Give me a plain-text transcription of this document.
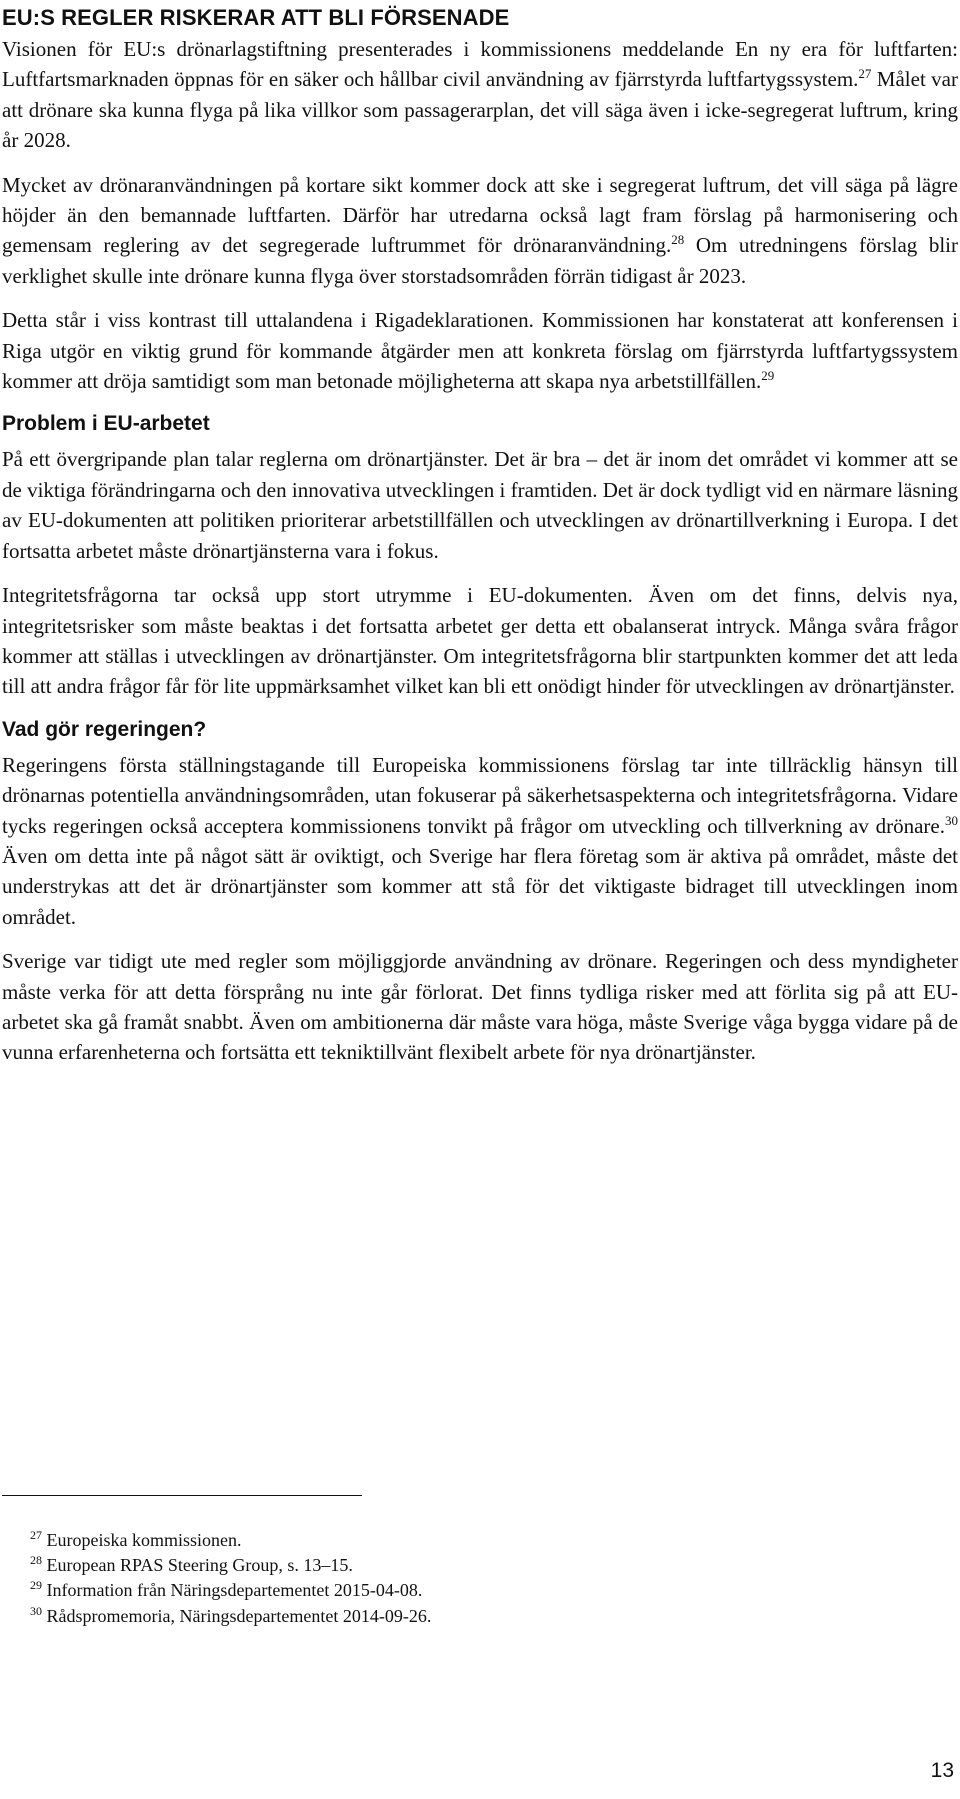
EU:S REGLER RISKERAR ATT BLI FÖRSENADE

Visionen för EU:s drönarlagstiftning presenterades i kommissionens meddelande En ny era för luftfarten: Luftfartsmarknaden öppnas för en säker och hållbar civil användning av fjärrstyrda luftfartygssystem.$^{27}$ Målet var att drönare ska kunna flyga på lika villkor som passagerarplan, det vill säga även i icke-segregerat luftrum, kring år 2028.

Mycket av drönaranvändningen på kortare sikt kommer dock att ske i segregerat luftrum, det vill säga på lägre höjder än den bemannade luftfarten. Därför har utredarna också lagt fram förslag på harmonisering och gemensam reglering av det segregerade luftrummet för drönaranvändning.$^{28}$ Om utredningens förslag blir verklighet skulle inte drönare kunna flyga över storstadsområden förrän tidigast år 2023.

Detta står i viss kontrast till uttalandena i Rigadeklarationen. Kommissionen har konstaterat att konferensen i Riga utgör en viktig grund för kommande åtgärder men att konkreta förslag om fjärrstyrda luftfartygssystem kommer att dröja samtidigt som man betonade möjligheterna att skapa nya arbetstillfällen.$^{29}$

Problem i EU-arbetet

På ett övergripande plan talar reglerna om drönartjänster. Det är bra – det är inom det området vi kommer att se de viktiga förändringarna och den innovativa utvecklingen i framtiden. Det är dock tydligt vid en närmare läsning av EU-dokumenten att politiken prioriterar arbetstillfällen och utvecklingen av drönartillverkning i Europa. I det fortsatta arbetet måste drönartjänsterna vara i fokus.

Integritetsfrågorna tar också upp stort utrymme i EU-dokumenten. Även om det finns, delvis nya, integritetsrisker som måste beaktas i det fortsatta arbetet ger detta ett obalanserat intryck. Många svåra frågor kommer att ställas i utvecklingen av drönartjänster. Om integritetsfrågorna blir startpunkten kommer det att leda till att andra frågor får för lite uppmärksamhet vilket kan bli ett onödigt hinder för utvecklingen av drönartjänster.

Vad gör regeringen?

Regeringens första ställningstagande till Europeiska kommissionens förslag tar inte tillräcklig hänsyn till drönarnas potentiella användningsområden, utan fokuserar på säkerhetsaspekterna och integritetsfrågorna. Vidare tycks regeringen också acceptera kommissionens tonvikt på frågor om utveckling och tillverkning av drönare.$^{30}$ Även om detta inte på något sätt är oviktigt, och Sverige har flera företag som är aktiva på området, måste det understrykas att det är drönartjänster som kommer att stå för det viktigaste bidraget till utvecklingen inom området.

Sverige var tidigt ute med regler som möjliggjorde användning av drönare. Regeringen och dess myndigheter måste verka för att detta försprång nu inte går förlorat. Det finns tydliga risker med att förlita sig på att EU-arbetet ska gå framåt snabbt. Även om ambitionerna där måste vara höga, måste Sverige våga bygga vidare på de vunna erfarenheterna och fortsätta ett tekniktillvänt flexibelt arbete för nya drönartjänster.

$^{27}$ Europeiska kommissionen.

$^{28}$ European RPAS Steering Group, s. 13–15.

$^{29}$ Information från Näringsdepartementet 2015-04-08.

$^{30}$ Rådspromemoria, Näringsdepartementet 2014-09-26.

13
